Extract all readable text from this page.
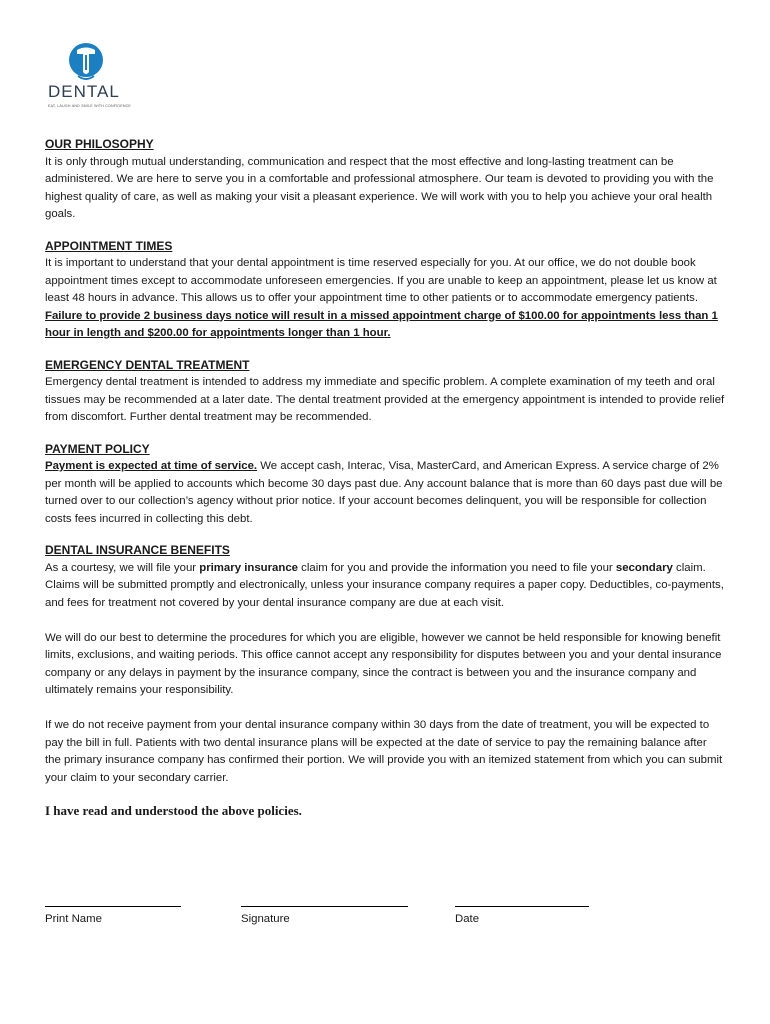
DENTAL
EAT, LAUGH AND SMILE WITH CONFIDENCE
OUR PHILOSOPHY

It is only through mutual understanding, communication and respect that the most effective and long-lasting treatment can be administered. We are here to serve you in a comfortable and professional atmosphere. Our team is devoted to providing you with the highest quality of care, as well as making your visit a pleasant experience. We will work with you to help you achieve your oral health goals.

APPOINTMENT TIMES

It is important to understand that your dental appointment is time reserved especially for you. At our office, we do not double book appointment times except to accommodate unforeseen emergencies. If you are unable to keep an appointment, please let us know at least 48 hours in advance. This allows us to offer your appointment time to other patients or to accommodate emergency patients. Failure to provide 2 business days notice will result in a missed appointment charge of $100.00 for appointments less than 1 hour in length and $200.00 for appointments longer than 1 hour.

EMERGENCY DENTAL TREATMENT

Emergency dental treatment is intended to address my immediate and specific problem. A complete examination of my teeth and oral tissues may be recommended at a later date. The dental treatment provided at the emergency appointment is intended to provide relief from discomfort. Further dental treatment may be recommended.

PAYMENT POLICY

Payment is expected at time of service. We accept cash, Interac, Visa, MasterCard, and American Express. A service charge of 2% per month will be applied to accounts which become 30 days past due. Any account balance that is more than 60 days past due will be turned over to our collection’s agency without prior notice. If your account becomes delinquent, you will be responsible for collection costs fees incurred in collecting this debt.

DENTAL INSURANCE BENEFITS

As a courtesy, we will file your primary insurance claim for you and provide the information you need to file your secondary claim. Claims will be submitted promptly and electronically, unless your insurance company requires a paper copy. Deductibles, co-payments, and fees for treatment not covered by your dental insurance company are due at each visit.

We will do our best to determine the procedures for which you are eligible, however we cannot be held responsible for knowing benefit limits, exclusions, and waiting periods. This office cannot accept any responsibility for disputes between you and your dental insurance company or any delays in payment by the insurance company, since the contract is between you and the insurance company and ultimately remains your responsibility.

If we do not receive payment from your dental insurance company within 30 days from the date of treatment, you will be expected to pay the bill in full. Patients with two dental insurance plans will be expected at the date of service to pay the remaining balance after the primary insurance company has confirmed their portion. We will provide you with an itemized statement from which you can submit your claim to your secondary carrier.

I have read and understood the above policies.
Print Name	Signature	Date
